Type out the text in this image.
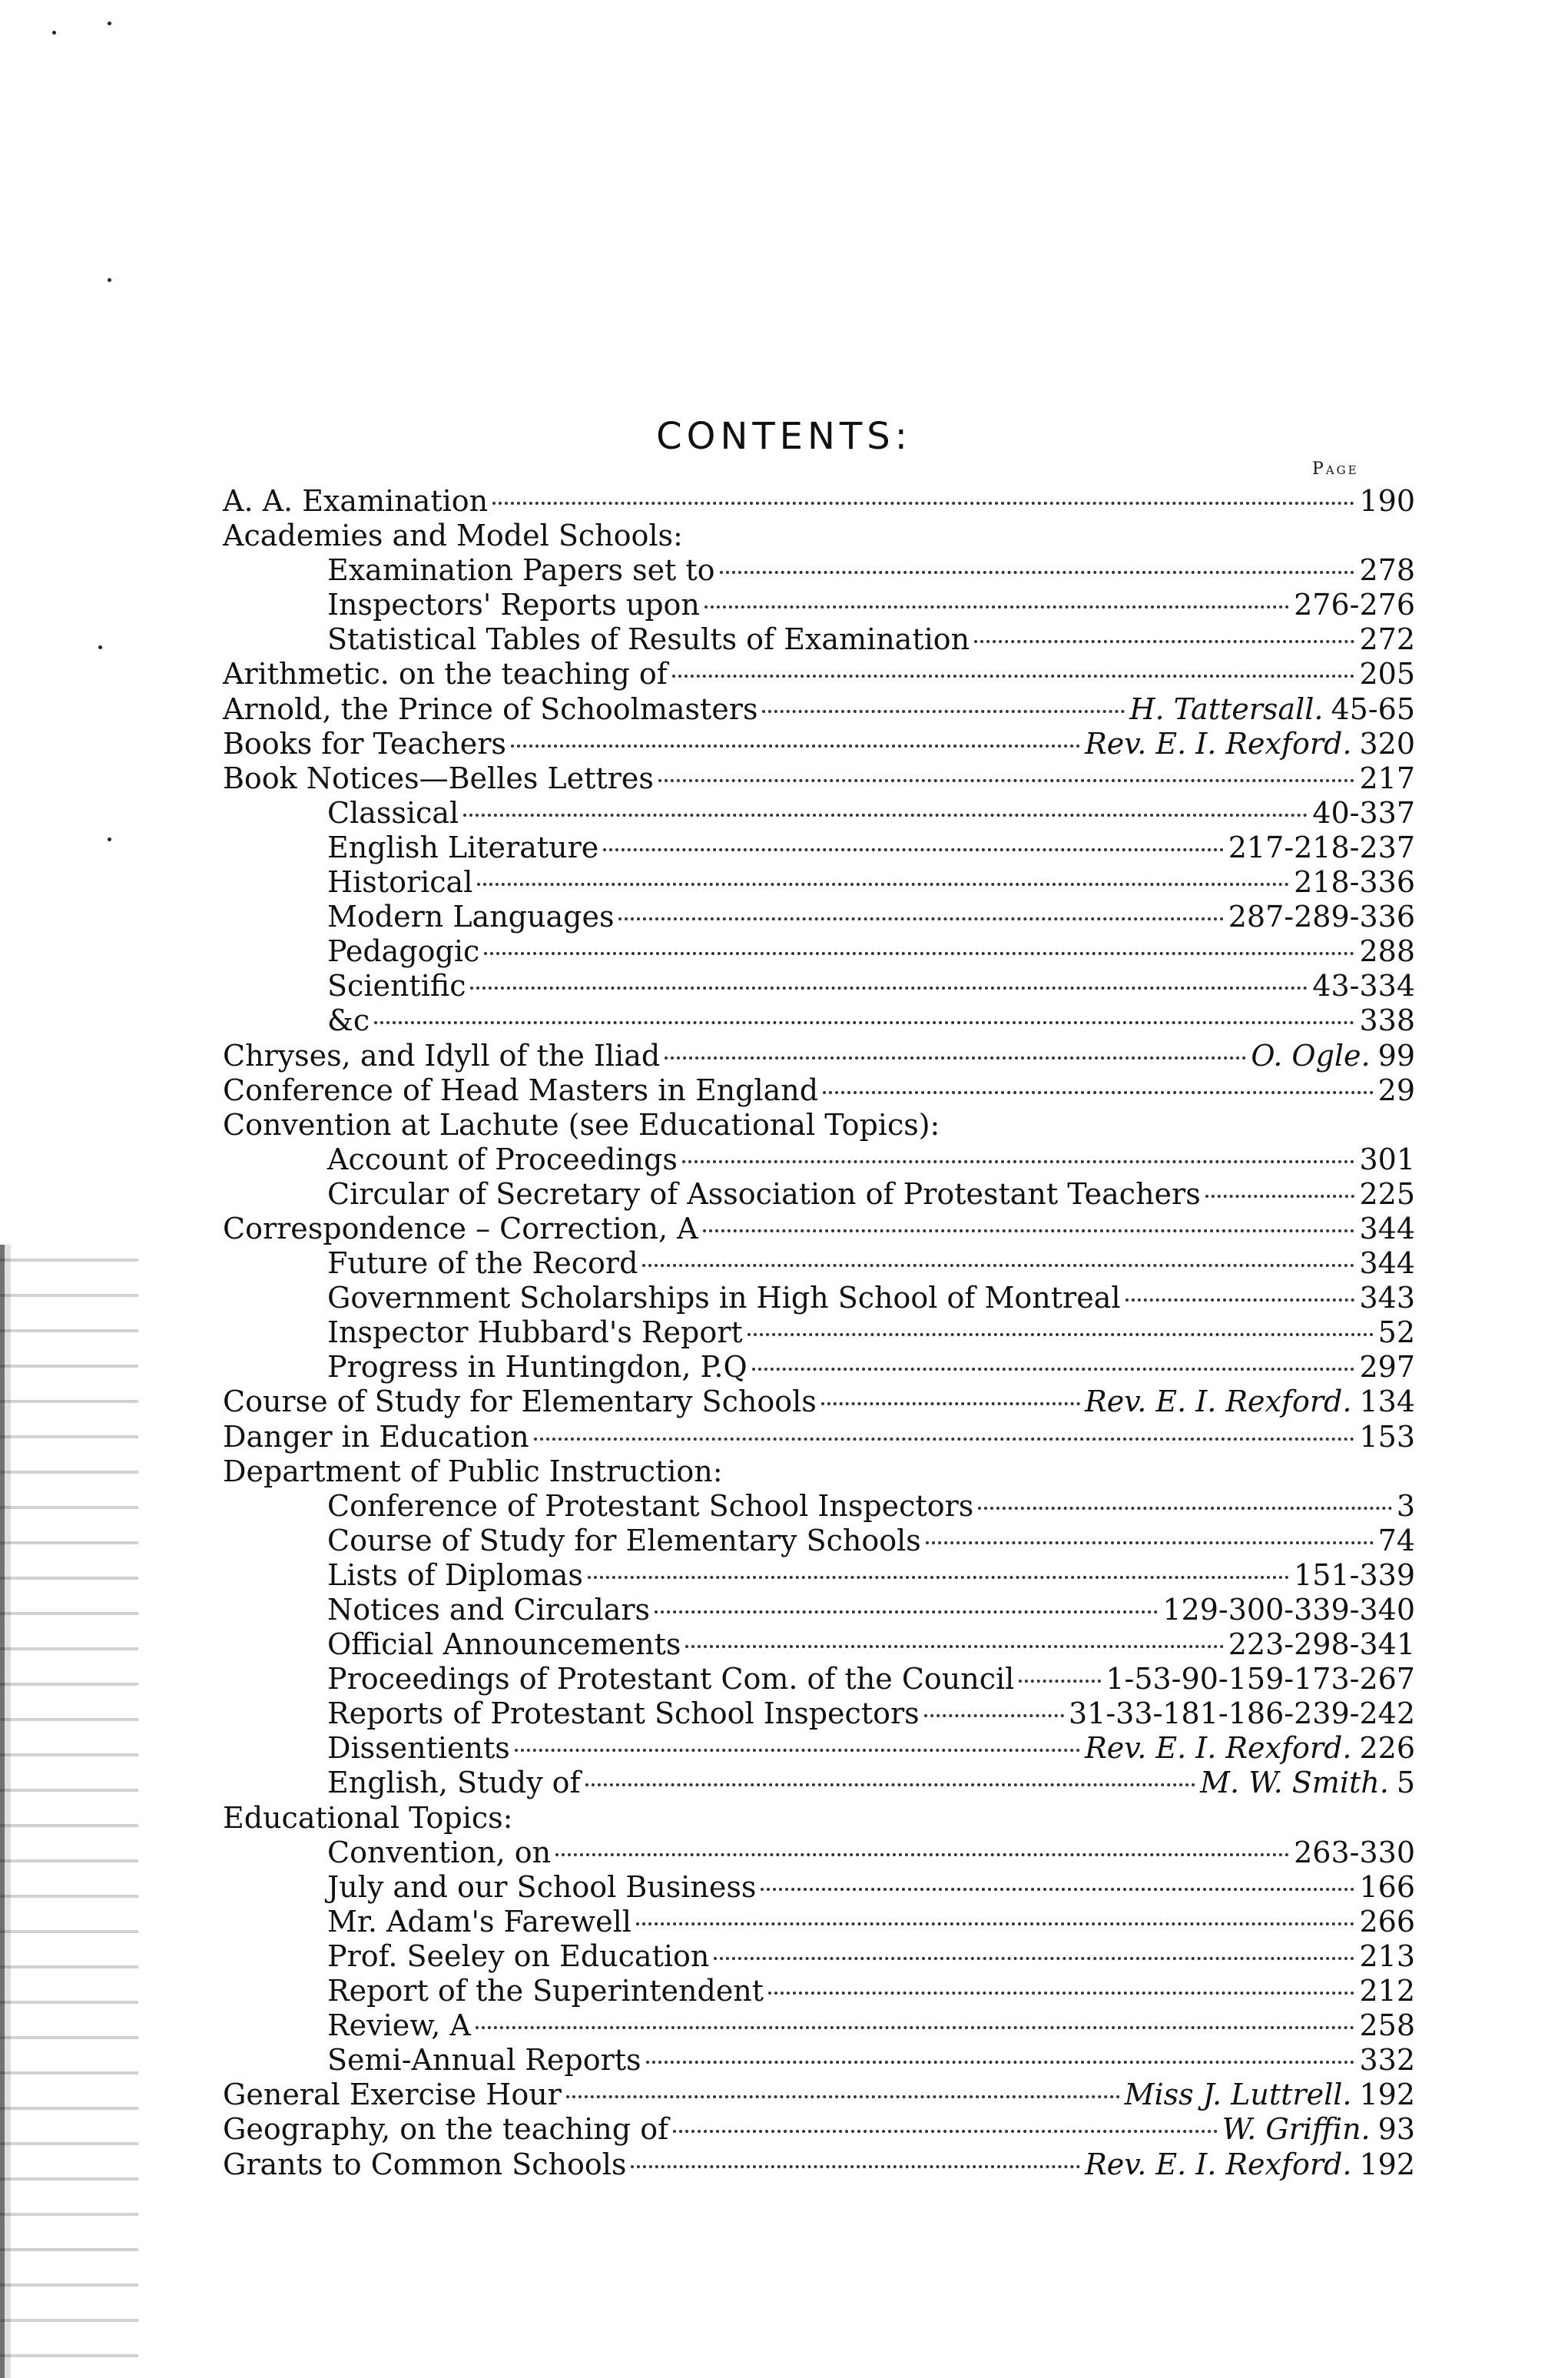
CONTENTS:
Page
A. A. Examination	190
Academies and Model Schools:
Examination Papers set to	278
Inspectors' Reports upon	276-276
Statistical Tables of Results of Examination	272
Arithmetic. on the teaching of	205
Arnold, the Prince of Schoolmasters	H. Tattersall. 45-65
Books for Teachers	Rev. E. I. Rexford. 320
Book Notices—Belles Lettres	217
Classical	40-337
English Literature	217-218-237
Historical	218-336
Modern Languages	287-289-336
Pedagogic	288
Scientific	43-334
&c	338
Chryses, and Idyll of the Iliad	O. Ogle. 99
Conference of Head Masters in England	29
Convention at Lachute (see Educational Topics):
Account of Proceedings	301
Circular of Secretary of Association of Protestant Teachers	225
Correspondence – Correction, A	344
Future of the Record	344
Government Scholarships in High School of Montreal	343
Inspector Hubbard's Report	52
Progress in Huntingdon, P.Q	297
Course of Study for Elementary Schools	Rev. E. I. Rexford. 134
Danger in Education	153
Department of Public Instruction:
Conference of Protestant School Inspectors	3
Course of Study for Elementary Schools	74
Lists of Diplomas	151-339
Notices and Circulars	129-300-339-340
Official Announcements	223-298-341
Proceedings of Protestant Com. of the Council	1-53-90-159-173-267
Reports of Protestant School Inspectors	31-33-181-186-239-242
Dissentients	Rev. E. I. Rexford. 226
English, Study of	M. W. Smith. 5
Educational Topics:
Convention, on	263-330
July and our School Business	166
Mr. Adam's Farewell	266
Prof. Seeley on Education	213
Report of the Superintendent	212
Review, A	258
Semi-Annual Reports	332
General Exercise Hour	Miss J. Luttrell. 192
Geography, on the teaching of	W. Griffin. 93
Grants to Common Schools	Rev. E. I. Rexford. 192
